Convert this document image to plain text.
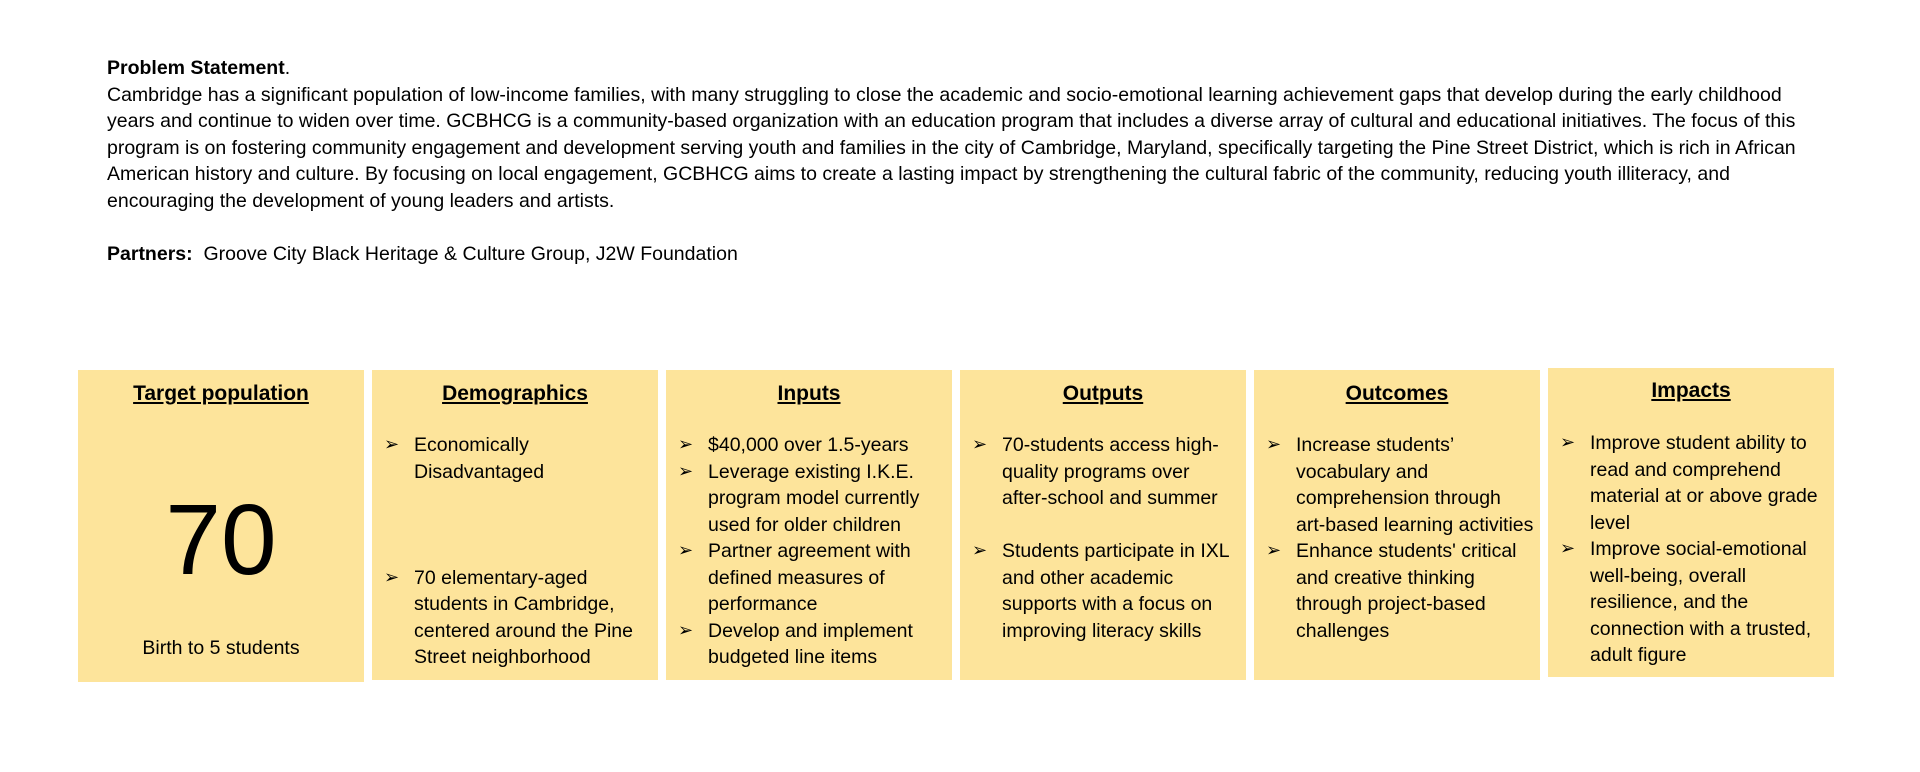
Problem Statement.

Cambridge has a significant population of low-income families, with many struggling to close the academic and socio-emotional learning achievement gaps that develop during the early childhood years and continue to widen over time. GCBHCG is a community-based organization with an education program that includes a diverse array of cultural and educational initiatives. The focus of this program is on fostering community engagement and development serving youth and families in the city of Cambridge, Maryland, specifically targeting the Pine Street District, which is rich in African American history and culture. By focusing on local engagement, GCBHCG aims to create a lasting impact by strengthening the cultural fabric of the community, reducing youth illiteracy, and encouraging the development of young leaders and artists.

Partners: Groove City Black Heritage & Culture Group, J2W Foundation
Target population
70
Birth to 5 students
Demographics
➢ Economically Disadvantaged
➢ 70 elementary-aged students in Cambridge, centered around the Pine Street neighborhood
Inputs
➢ $40,000 over 1.5-years
➢ Leverage existing I.K.E. program model currently used for older children
➢ Partner agreement with defined measures of performance
➢ Develop and implement budgeted line items
Outputs
➢ 70-students access high-quality programs over after-school and summer
➢ Students participate in IXL and other academic supports with a focus on improving literacy skills
Outcomes
➢ Increase students’ vocabulary and comprehension through art-based learning activities
➢ Enhance students' critical and creative thinking through project-based challenges
Impacts
➢ Improve student ability to read and comprehend material at or above grade level
➢ Improve social-emotional well-being, overall resilience, and the connection with a trusted, adult figure
